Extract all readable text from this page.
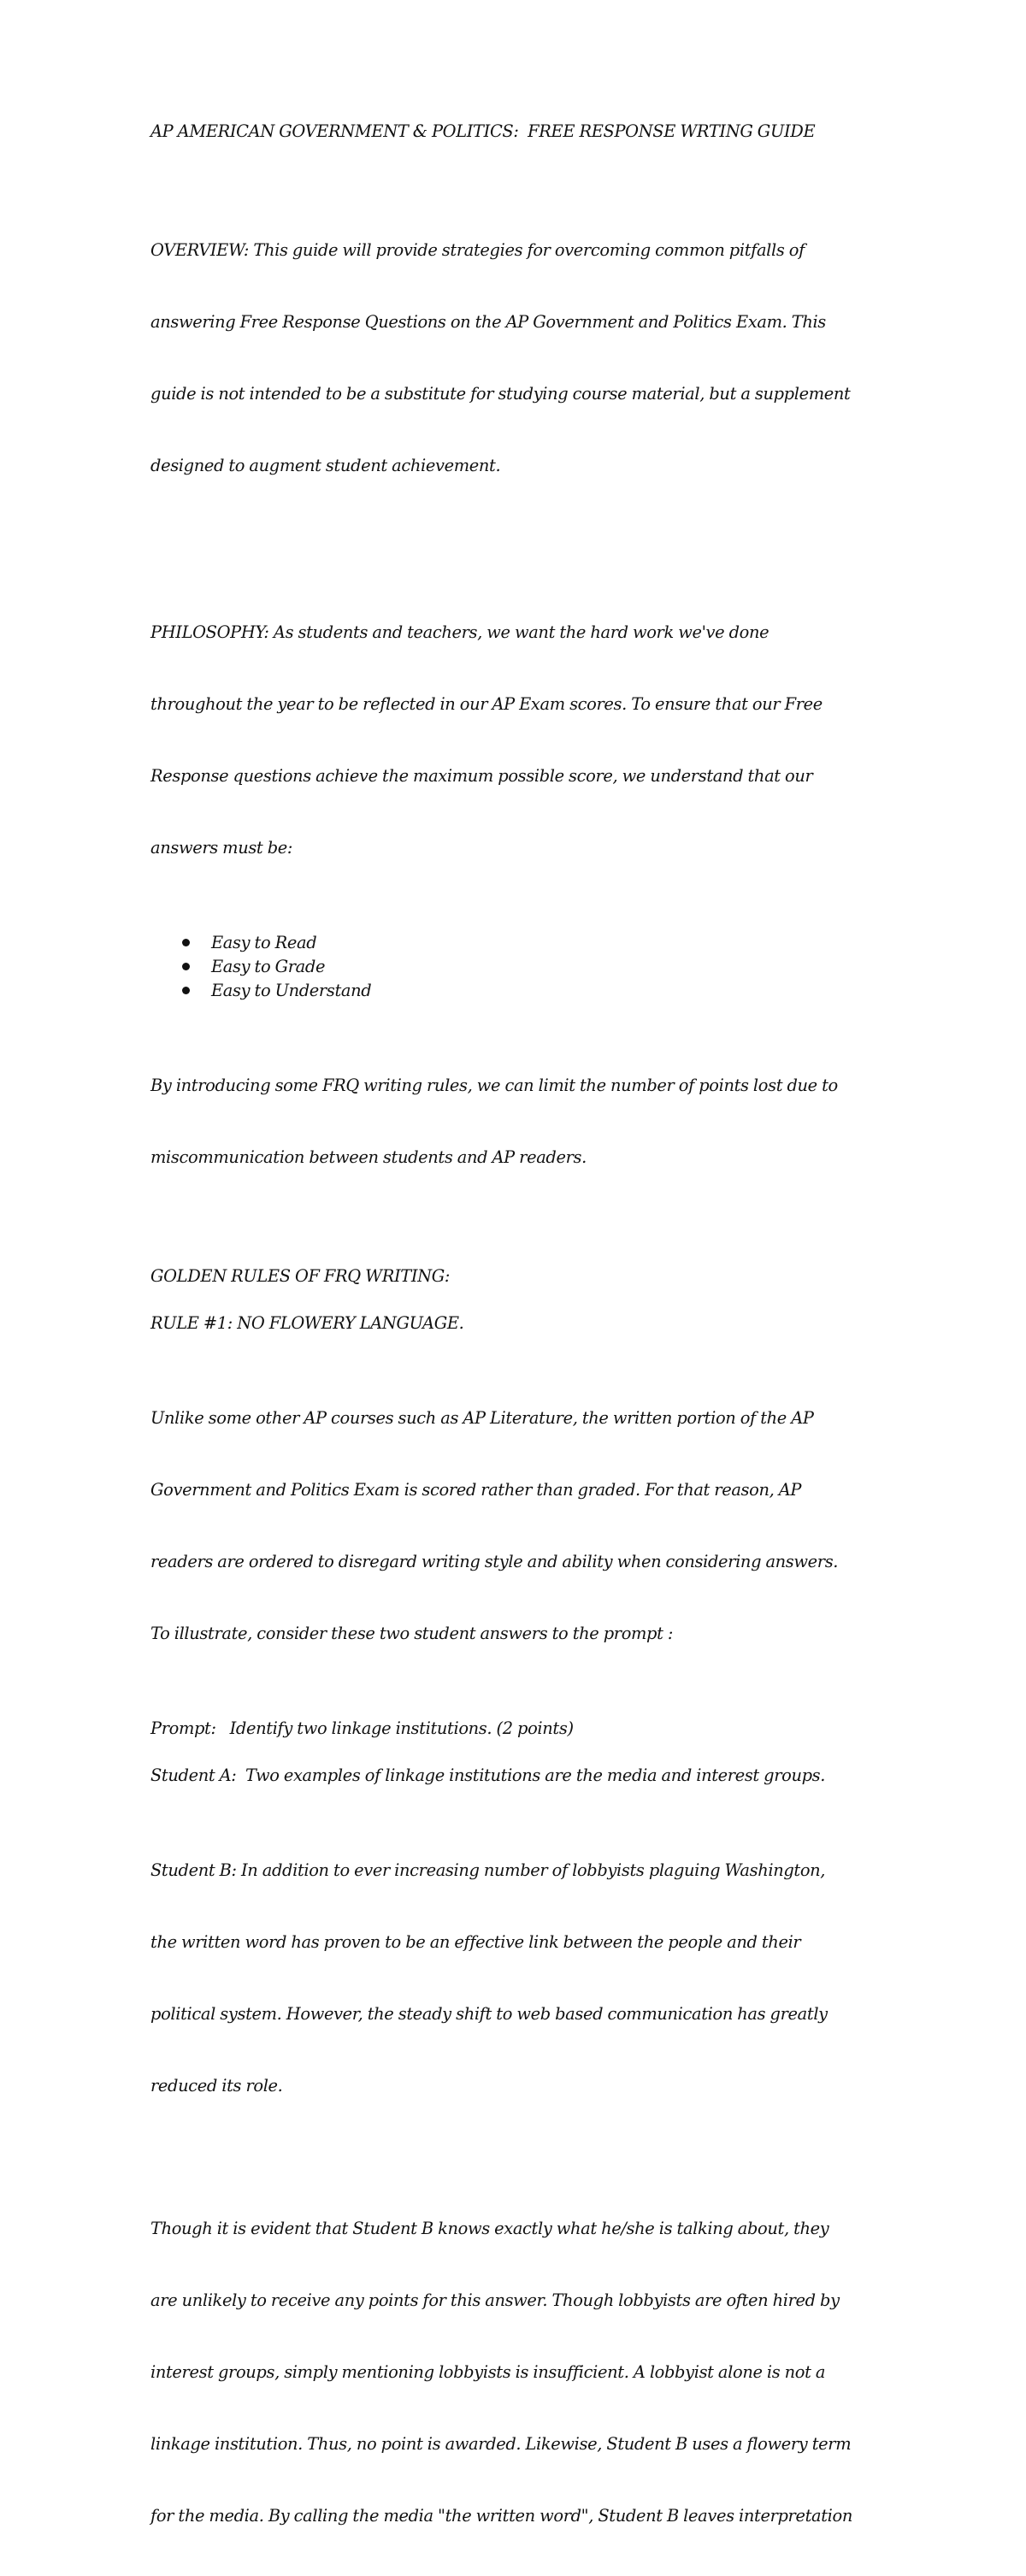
AP AMERICAN GOVERNMENT & POLITICS:  FREE RESPONSE WRTING GUIDE

OVERVIEW: This guide will provide strategies for overcoming common pitfalls of

answering Free Response Questions on the AP Government and Politics Exam. This

guide is not intended to be a substitute for studying course material, but a supplement

designed to augment student achievement.

PHILOSOPHY: As students and teachers, we want the hard work we've done

throughout the year to be reflected in our AP Exam scores. To ensure that our Free

Response questions achieve the maximum possible score, we understand that our

answers must be:

Easy to Read
Easy to Grade
Easy to Understand

By introducing some FRQ writing rules, we can limit the number of points lost due to

miscommunication between students and AP readers.

GOLDEN RULES OF FRQ WRITING:

RULE #1: NO FLOWERY LANGUAGE.

Unlike some other AP courses such as AP Literature, the written portion of the AP

Government and Politics Exam is scored rather than graded. For that reason, AP

readers are ordered to disregard writing style and ability when considering answers.

To illustrate, consider these two student answers to the prompt :

Prompt:   Identify two linkage institutions. (2 points)

Student A:  Two examples of linkage institutions are the media and interest groups.

Student B: In addition to ever increasing number of lobbyists plaguing Washington,

the written word has proven to be an effective link between the people and their

political system. However, the steady shift to web based communication has greatly

reduced its role.

Though it is evident that Student B knows exactly what he/she is talking about, they

are unlikely to receive any points for this answer. Though lobbyists are often hired by

interest groups, simply mentioning lobbyists is insufficient. A lobbyist alone is not a

linkage institution. Thus, no point is awarded. Likewise, Student B uses a flowery term

for the media. By calling the media "the written word", Student B leaves interpretation
